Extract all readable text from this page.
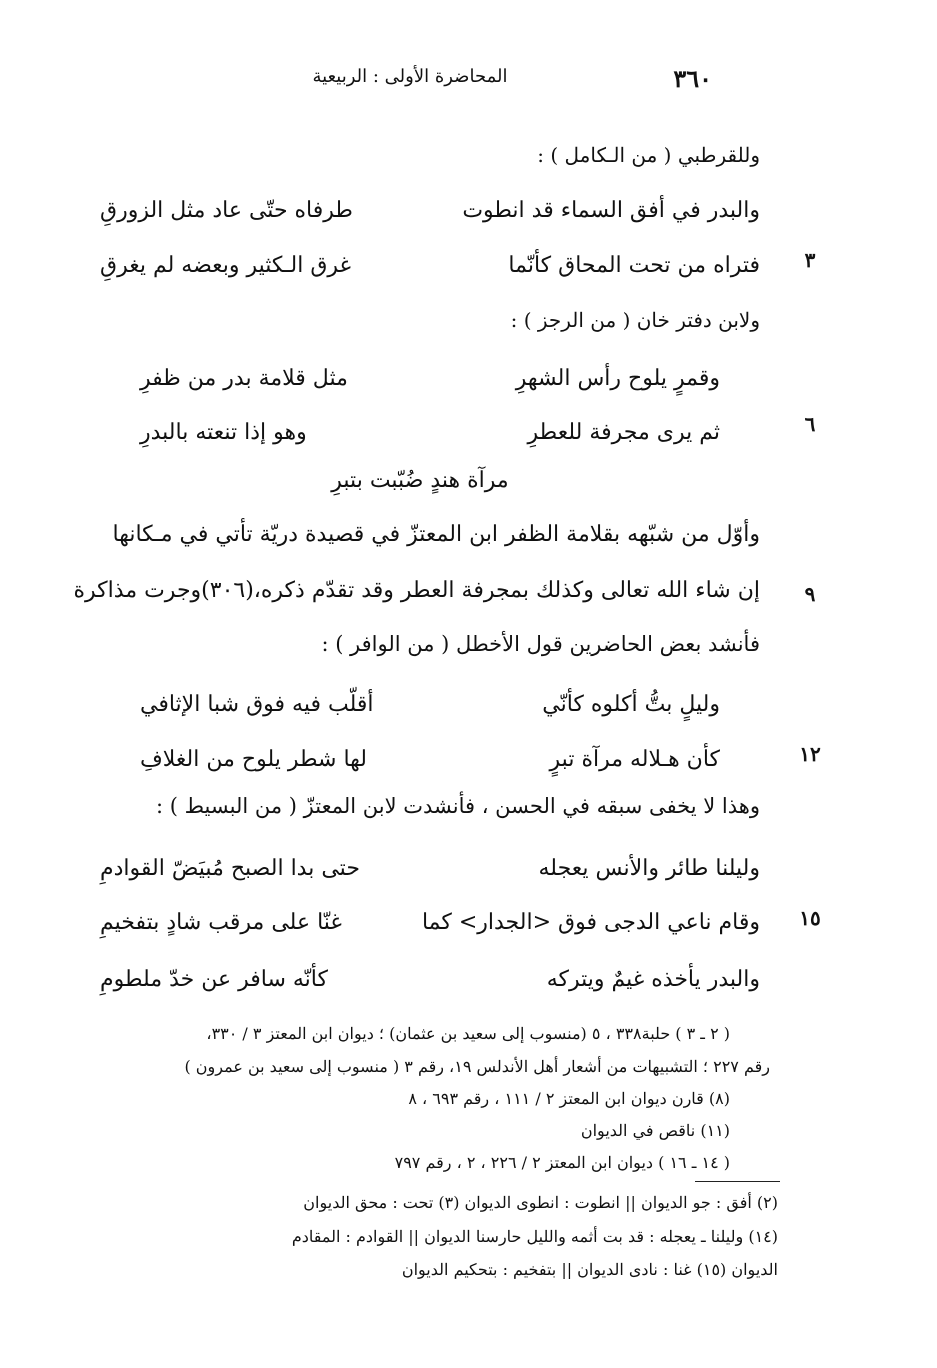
٣٦٠
المحاضرة الأولى : الربيعية
وللقرطبي ( من الـكامل ) :
والبدر في أفق السماء قد انطوت
طرفاه حتّى عاد مثل الزورقِ
٣
فتراه من تحت المحاق كأنّما
غرق الـكثير وبعضه لم يغرقِ
ولابن دفتر خان ( من الرجز ) :
وقمرٍ يلوح رأس الشهرِ
مثل قلامة بدر من ظفرِ
٦
ثم يرى مجرفة للعطرِ
وهو إذا تنعته بالبدرِ
مرآة هندٍ ضُبّبت بتبرِ
وأوّل من شبّهه بقلامة الظفر ابن المعتزّ في قصيدة دريّة تأتي في مـكانها
٩
إن شاء الله تعالى وكذلك بمجرفة العطر وقد تقدّم ذكره،(٣٠٦)وجرت مذاكرة
فأنشد بعض الحاضرين قول الأخطل ( من الوافر ) :
وليلٍ بتُّ أكلوه كأنّي
أقلّب فيه فوق شبا الإثافي
١٢
كأن هـلاله مرآة تبرٍ
لها شطر يلوح من الغلافِ
وهذا لا يخفى سبقه في الحسن ، فأنشدت لابن المعتزّ ( من البسيط ) :
وليلنا طائر والأنس يعجله
حتى بدا الصبح مُبيَضّ القوادمِ
١٥
وقام ناعي الدجى فوق <الجدار> كما
غنّا على مرقب شادٍ بتفخيمِ
والبدر يأخذه غيمٌ ويتركه
كأنّه سافر عن خدّ ملطومِ
( ٢ ـ ٣ ) حلبة٣٣٨ ، ٥ (منسوب إلى سعيد بن عثمان) ؛ ديوان ابن المعتز ٣ / ٣٣٠،
رقم ٢٢٧ ؛ التشبيهات من أشعار أهل الأندلس ١٩، رقم ٣ ( منسوب إلى سعيد بن عمرون )
(٨) قارن ديوان ابن المعتز ٢ / ١١١ ، رقم ٦٩٣ ، ٨
(١١) ناقص في الديوان
( ١٤ ـ ١٦ ) ديوان ابن المعتز ٢ / ٢٢٦ ، ٢ ، رقم ٧٩٧
(٢) أفق : جو الديوان || انطوت : انطوى الديوان (٣) تحت : محق الديوان
(١٤) وليلنا ـ يعجله : قد بت أثمه والليل حارسنا الديوان || القوادم : المقادم
الديوان (١٥) غنا : نادى الديوان || بتفخيم : بتحكيم الديوان
